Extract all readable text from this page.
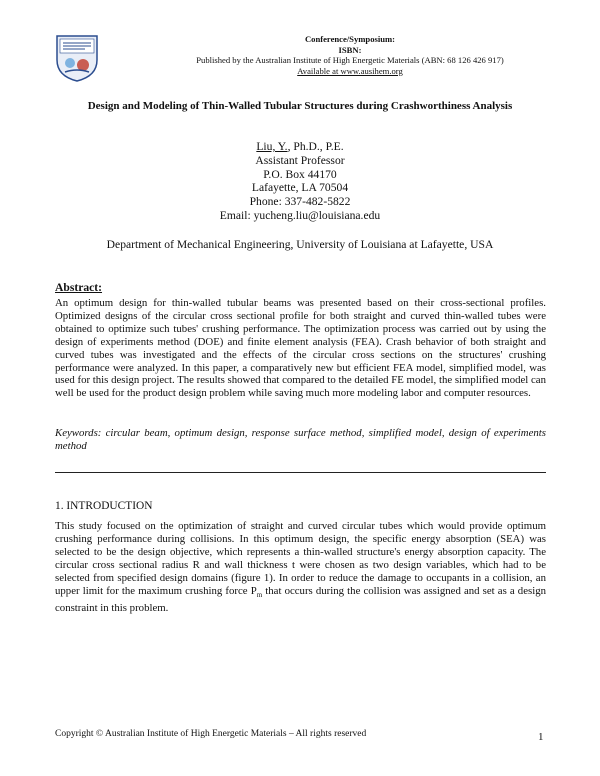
Conference/Symposium:
ISBN:
Published by the Australian Institute of High Energetic Materials (ABN: 68 126 426 917)
Available at www.ausihem.org
Design and Modeling of Thin-Walled Tubular Structures during Crashworthiness Analysis
Liu, Y., Ph.D., P.E.
Assistant Professor
P.O. Box 44170
Lafayette, LA 70504
Phone: 337-482-5822
Email: yucheng.liu@louisiana.edu
Department of Mechanical Engineering, University of Louisiana at Lafayette, USA
Abstract:

An optimum design for thin-walled tubular beams was presented based on their cross-sectional profiles. Optimized designs of the circular cross sectional profile for both straight and curved thin-walled tubes were obtained to optimize such tubes' crushing performance. The optimization process was carried out by using the design of experiments method (DOE) and finite element analysis (FEA). Crash behavior of both straight and curved tubes was investigated and the effects of the circular cross sections on the structures' crushing performance were analyzed. In this paper, a comparatively new but efficient FEA model, simplified model, was used for this design project. The results showed that compared to the detailed FE model, the simplified model can well be used for the product design problem while saving much more modeling labor and computer resources.

Keywords: circular beam, optimum design, response surface method, simplified model, design of experiments method

1. INTRODUCTION

This study focused on the optimization of straight and curved circular tubes which would provide optimum crushing performance during collisions. In this optimum design, the specific energy absorption (SEA) was selected to be the design objective, which represents a thin-walled structure's energy absorption capacity. The circular cross sectional radius R and wall thickness t were chosen as two design variables, which had to be selected from specified design domains (figure 1). In order to reduce the damage to occupants in a collision, an upper limit for the maximum crushing force $P_m$ that occurs during the collision was assigned and set as a design constraint in this problem.

Copyright © Australian Institute of High Energetic Materials – All rights reserved	1
